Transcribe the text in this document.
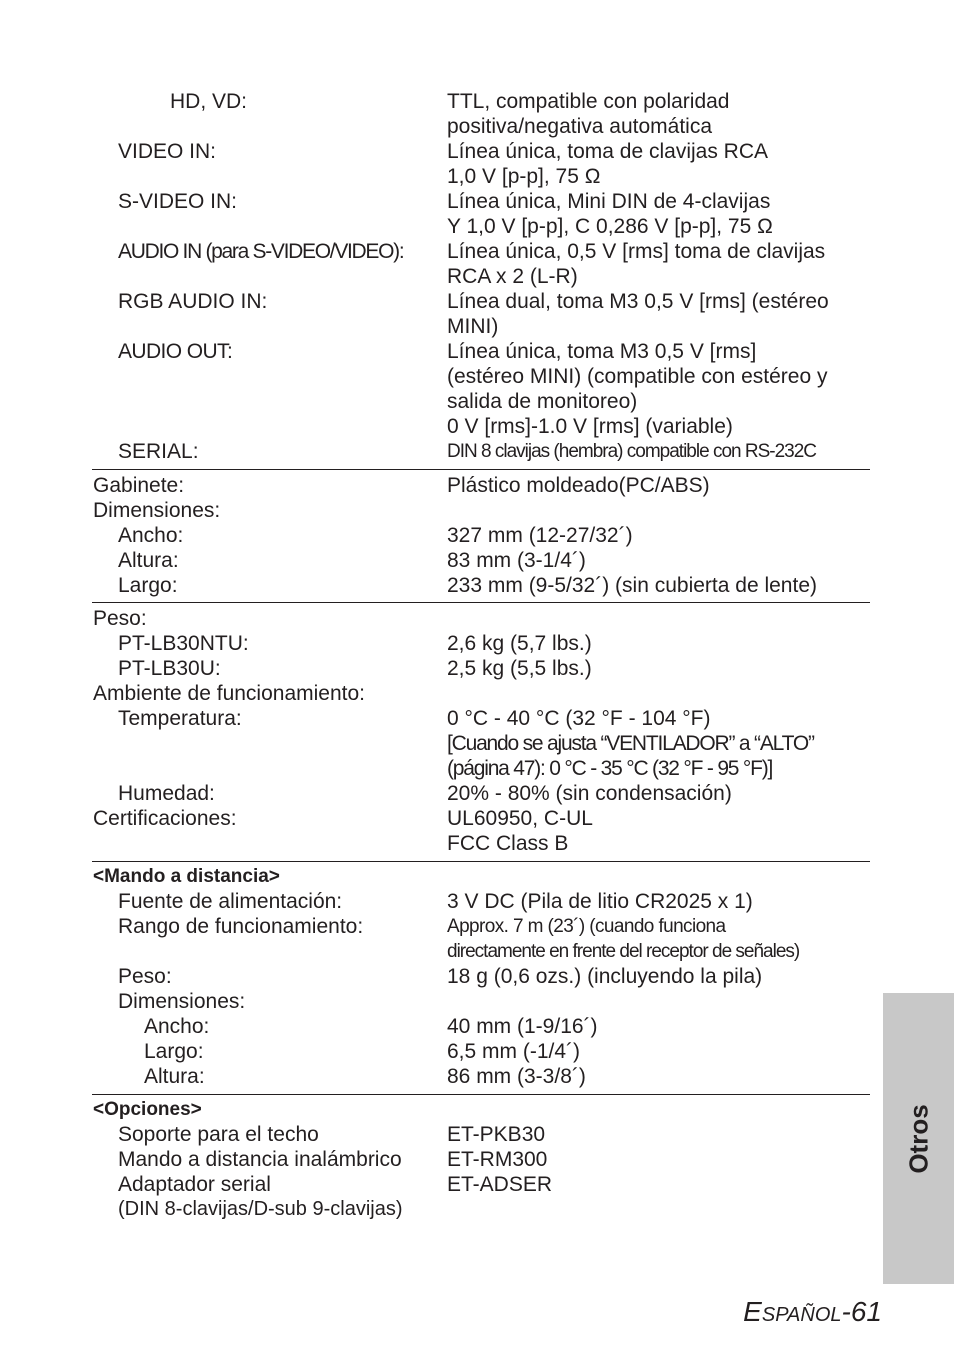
HD, VD:	TTL, compatible con polaridad
positiva/negativa automática
VIDEO IN:	Línea única, toma de clavijas RCA
1,0 V [p-p], 75 Ω
S-VIDEO IN:	Línea única, Mini DIN de 4-clavijas
Y 1,0 V [p-p], C 0,286 V [p-p], 75 Ω
AUDIO IN (para S-VIDEO/VIDEO): Línea única, 0,5 V [rms] toma de clavijas
RCA x 2 (L-R)
RGB AUDIO IN:	Línea dual, toma M3 0,5 V [rms] (estéreo
MINI)
AUDIO OUT:	Línea única, toma M3 0,5 V [rms]
(estéreo MINI) (compatible con estéreo y
salida de monitoreo)
0 V [rms]-1.0 V [rms] (variable)
SERIAL:	DIN 8 clavijas (hembra) compatible con RS-232C
Gabinete:	Plástico moldeado(PC/ABS)
Dimensiones:
Ancho:	327 mm (12-27/32´)
Altura:	83 mm (3-1/4´)
Largo:	233 mm (9-5/32´) (sin cubierta de lente)
Peso:
PT-LB30NTU:	2,6 kg (5,7 lbs.)
PT-LB30U:	2,5 kg (5,5 lbs.)
Ambiente de funcionamiento:
Temperatura:	0 °C - 40 °C (32 °F - 104 °F)
[Cuando se ajusta “VENTILADOR” a “ALTO”
(página 47): 0 °C - 35 °C (32 °F - 95 °F)]
Humedad:	20% - 80% (sin condensación)
Certificaciones:	UL60950, C-UL
FCC Class B
<Mando a distancia>
Fuente de alimentación:	3 V DC (Pila de litio CR2025 x 1)
Rango de funcionamiento:	Approx. 7 m (23´) (cuando funciona
directamente en frente del receptor de señales)
Peso:	18 g (0,6 ozs.) (incluyendo la pila)
Dimensiones:
Ancho:	40 mm (1-9/16´)
Largo:	6,5 mm (-1/4´)
Altura:	86 mm (3-3/8´)
<Opciones>
Soporte para el techo	ET-PKB30
Mando a distancia inalámbrico ET-RM300
Adaptador serial	ET-ADSER
(DIN 8-clavijas/D-sub 9-clavijas)
Otros
ESPAÑOL-61
